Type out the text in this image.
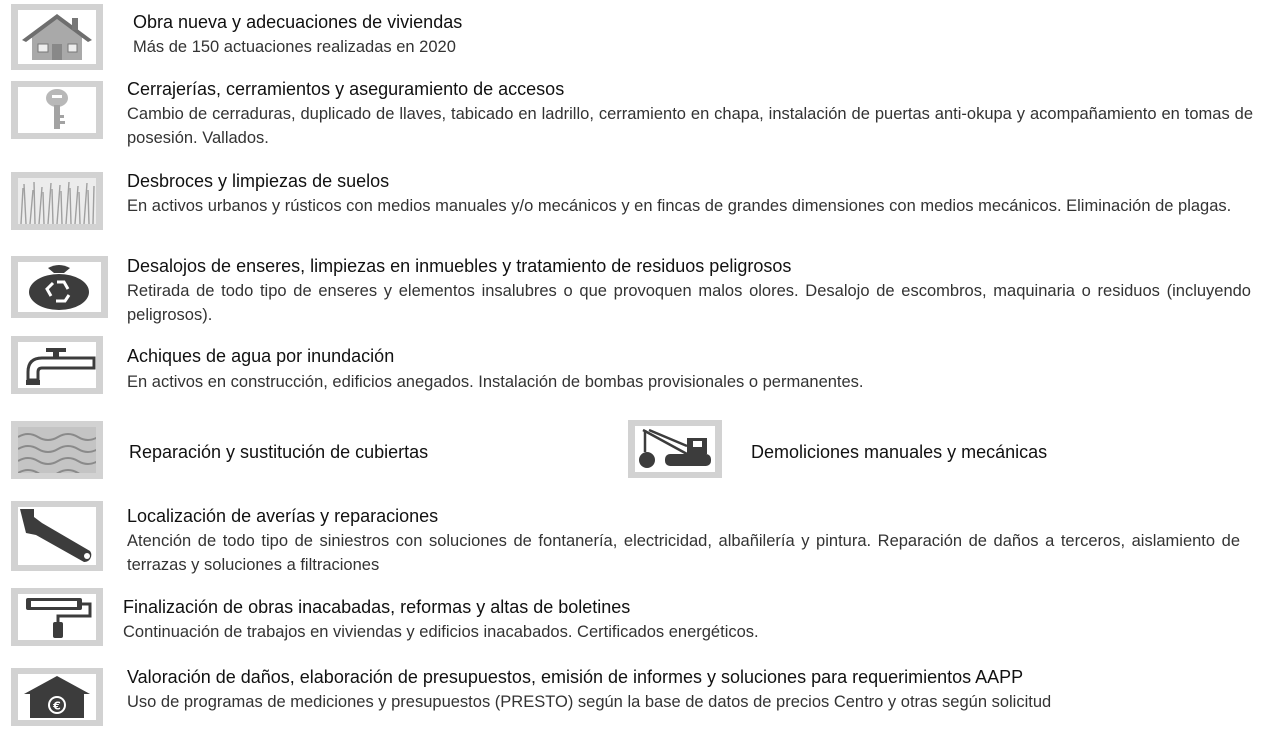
Obra nueva y adecuaciones de viviendas
Más de 150 actuaciones realizadas en 2020
Cerrajerías, cerramientos y aseguramiento de accesos
Cambio de cerraduras, duplicado de llaves, tabicado en ladrillo, cerramiento en chapa, instalación de puertas anti-okupa y acompañamiento en tomas de posesión. Vallados.
Desbroces y limpiezas de suelos
En activos urbanos y rústicos con medios manuales y/o mecánicos y en fincas de grandes dimensiones con medios mecánicos. Eliminación de plagas.
Desalojos de enseres, limpiezas en inmuebles y tratamiento de residuos peligrosos
Retirada de todo tipo de enseres y elementos insalubres o que provoquen malos olores. Desalojo de escombros, maquinaria o residuos (incluyendo peligrosos).
Achiques de agua por inundación
En activos en construcción, edificios anegados. Instalación de bombas provisionales o permanentes.
Reparación y sustitución de cubiertas	Demoliciones manuales y mecánicas
Localización de averías y reparaciones
Atención de todo tipo de siniestros con soluciones de fontanería, electricidad, albañilería y pintura. Reparación de daños a terceros, aislamiento de terrazas y soluciones a filtraciones
Finalización de obras inacabadas, reformas y altas de boletines
Continuación de trabajos en viviendas y edificios inacabados. Certificados energéticos.
€
Valoración de daños, elaboración de presupuestos, emisión de informes y soluciones para requerimientos AAPP
Uso de programas de mediciones y presupuestos (PRESTO) según la base de datos de precios Centro y otras según solicitud
